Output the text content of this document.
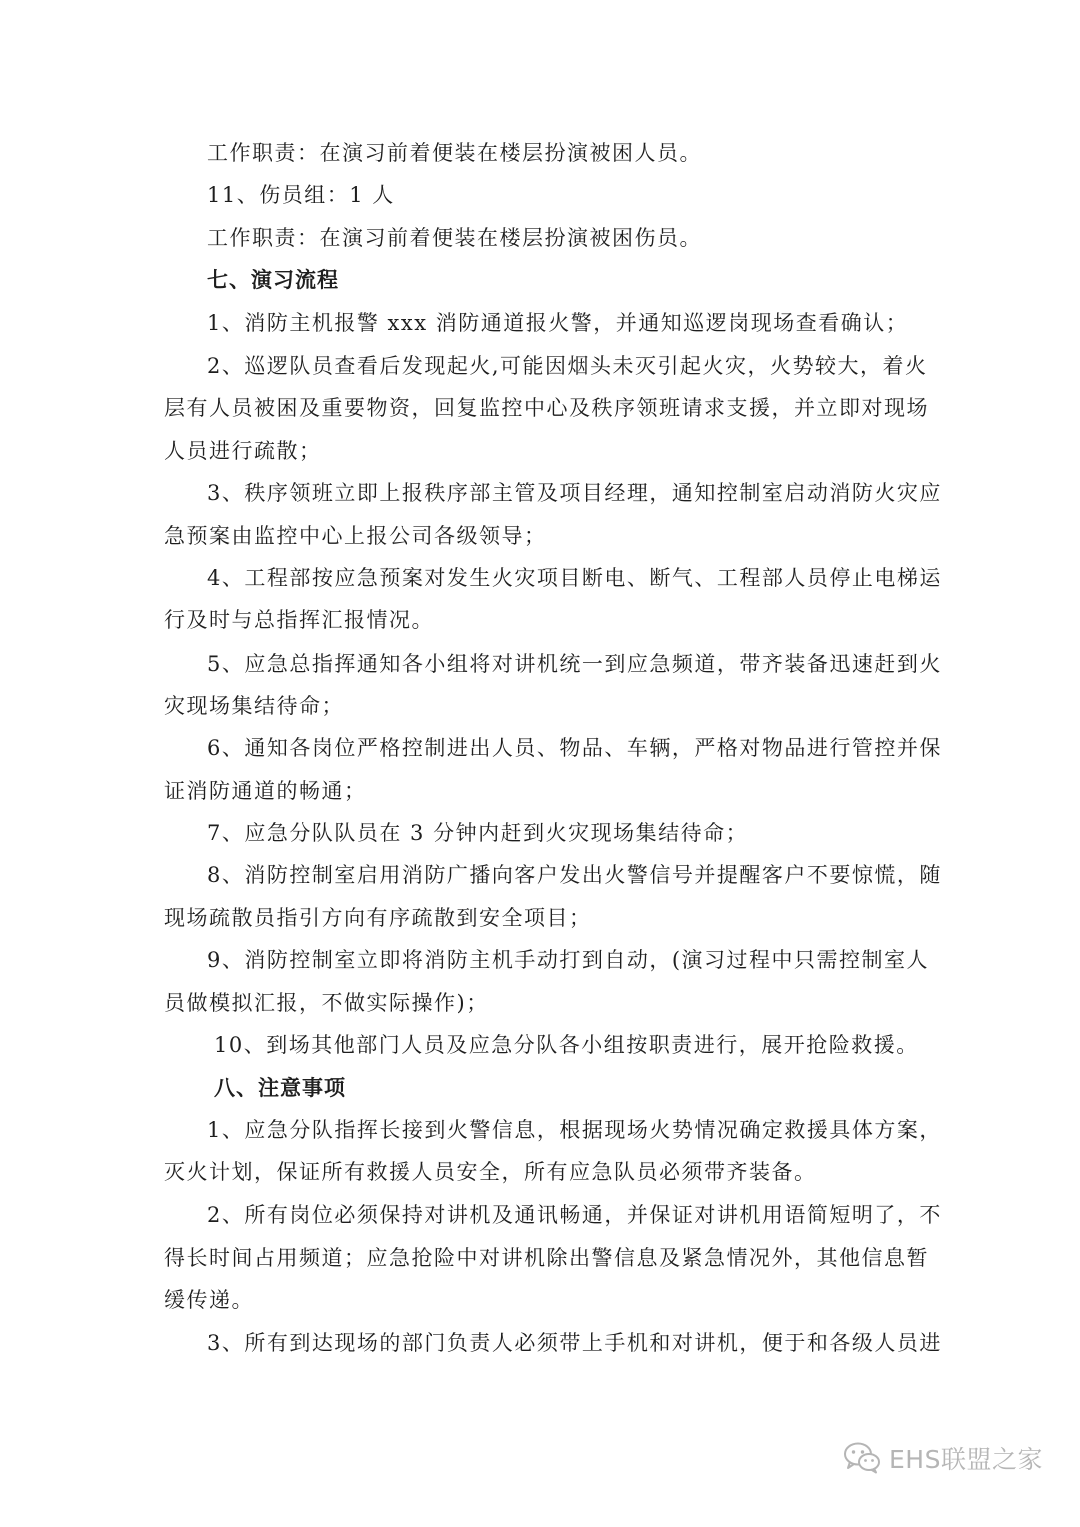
工作职责：在演习前着便装在楼层扮演被困人员。
11、伤员组：1 人
工作职责：在演习前着便装在楼层扮演被困伤员。
七、演习流程
1、消防主机报警 xxx 消防通道报火警，并通知巡逻岗现场查看确认；
2、巡逻队员查看后发现起火,可能因烟头未灭引起火灾，火势较大，着火
层有人员被困及重要物资，回复监控中心及秩序领班请求支援，并立即对现场
人员进行疏散；
3、秩序领班立即上报秩序部主管及项目经理，通知控制室启动消防火灾应
急预案由监控中心上报公司各级领导；
4、工程部按应急预案对发生火灾项目断电、断气、工程部人员停止电梯运
行及时与总指挥汇报情况。
5、应急总指挥通知各小组将对讲机统一到应急频道，带齐装备迅速赶到火
灾现场集结待命；
6、通知各岗位严格控制进出人员、物品、车辆，严格对物品进行管控并保
证消防通道的畅通；
7、应急分队队员在 3 分钟内赶到火灾现场集结待命；
8、消防控制室启用消防广播向客户发出火警信号并提醒客户不要惊慌，随
现场疏散员指引方向有序疏散到安全项目；
9、消防控制室立即将消防主机手动打到自动，(演习过程中只需控制室人
员做模拟汇报，不做实际操作)；
10、到场其他部门人员及应急分队各小组按职责进行，展开抢险救援。
八、注意事项
1、应急分队指挥长接到火警信息，根据现场火势情况确定救援具体方案，
灭火计划，保证所有救援人员安全，所有应急队员必须带齐装备。
2、所有岗位必须保持对讲机及通讯畅通，并保证对讲机用语简短明了，不
得长时间占用频道；应急抢险中对讲机除出警信息及紧急情况外，其他信息暂
缓传递。
3、所有到达现场的部门负责人必须带上手机和对讲机，便于和各级人员进
EHS联盟之家
